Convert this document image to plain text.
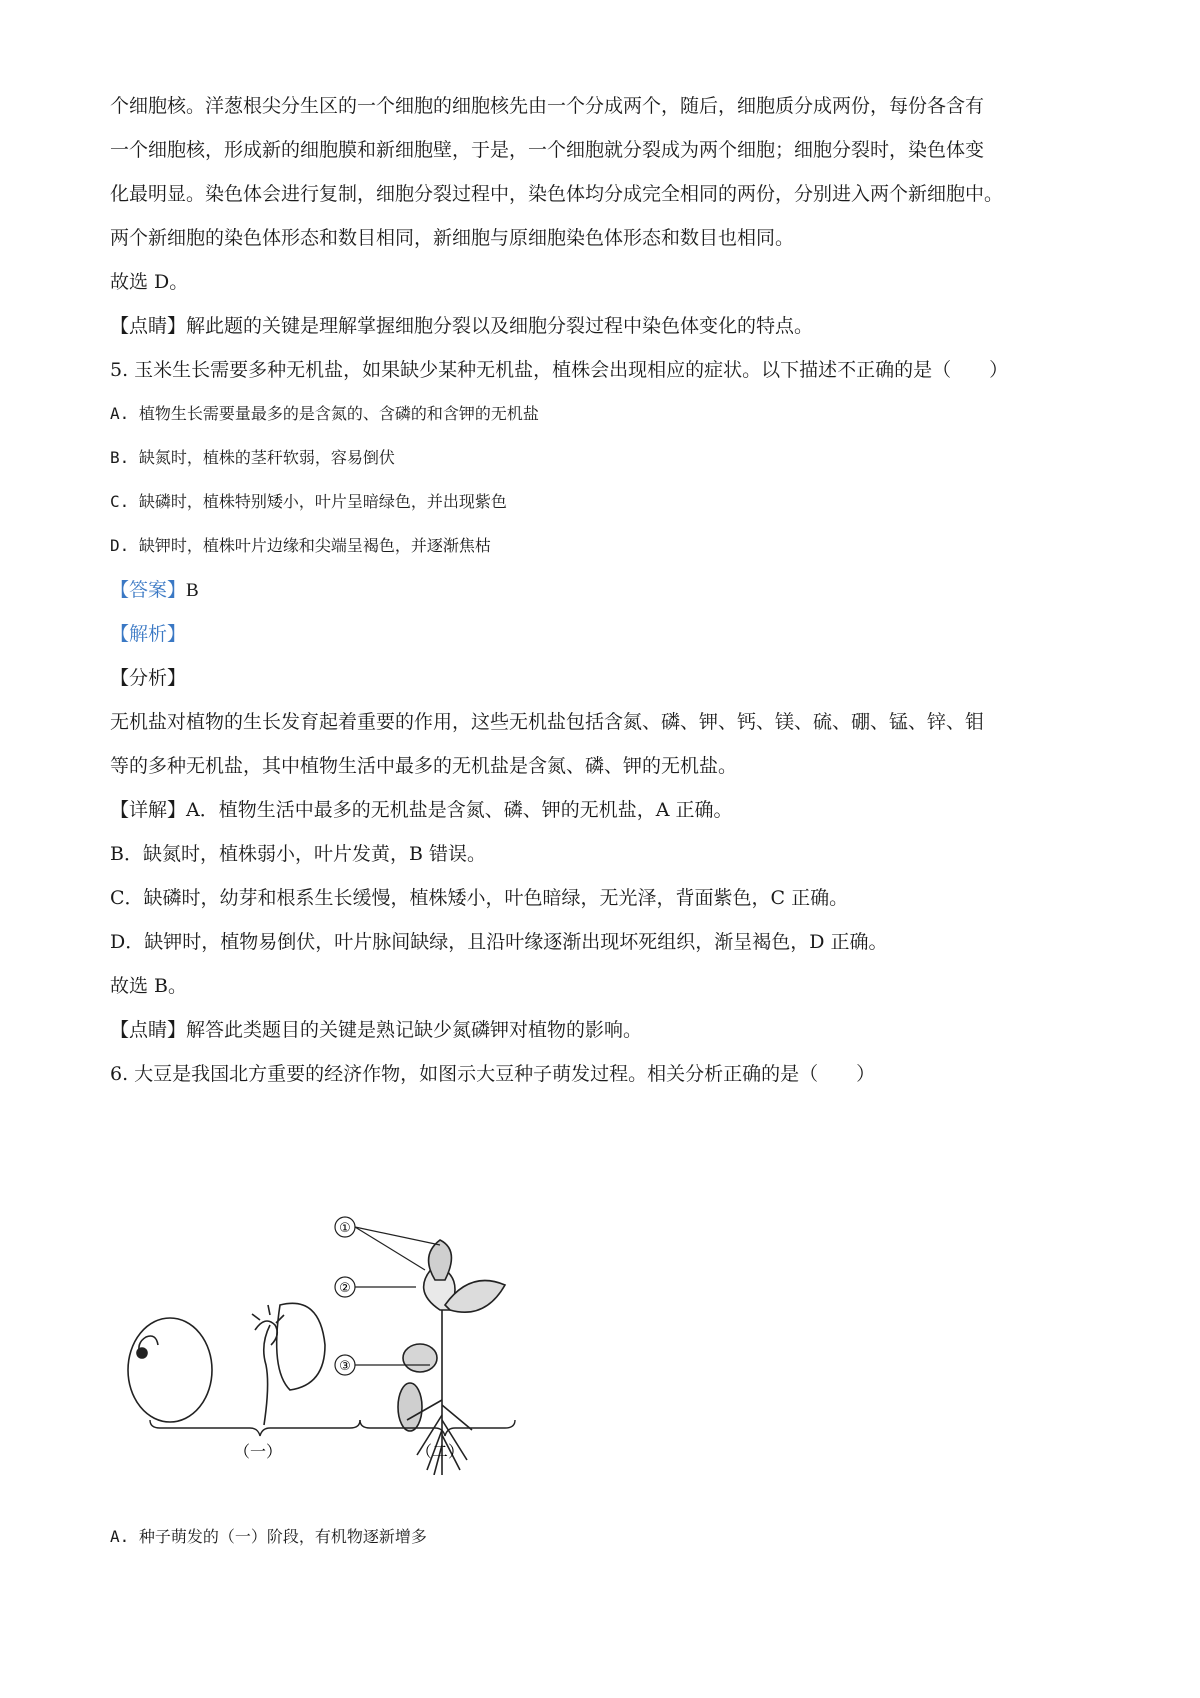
个细胞核。洋葱根尖分生区的一个细胞的细胞核先由一个分成两个，随后，细胞质分成两份，每份各含有
一个细胞核，形成新的细胞膜和新细胞壁，于是，一个细胞就分裂成为两个细胞；细胞分裂时，染色体变
化最明显。染色体会进行复制，细胞分裂过程中，染色体均分成完全相同的两份，分别进入两个新细胞中。
两个新细胞的染色体形态和数目相同，新细胞与原细胞染色体形态和数目也相同。
故选 D。
【点睛】解此题的关键是理解掌握细胞分裂以及细胞分裂过程中染色体变化的特点。
5. 玉米生长需要多种无机盐，如果缺少某种无机盐，植株会出现相应的症状。以下描述不正确的是（　　）
A. 植物生长需要量最多的是含氮的、含磷的和含钾的无机盐
B. 缺氮时，植株的茎秆软弱，容易倒伏
C. 缺磷时，植株特别矮小，叶片呈暗绿色，并出现紫色
D. 缺钾时，植株叶片边缘和尖端呈褐色，并逐渐焦枯
【答案】B
【解析】
【分析】
无机盐对植物的生长发育起着重要的作用，这些无机盐包括含氮、磷、钾、钙、镁、硫、硼、锰、锌、钼
等的多种无机盐，其中植物生活中最多的无机盐是含氮、磷、钾的无机盐。
【详解】A．植物生活中最多的无机盐是含氮、磷、钾的无机盐，A 正确。
B．缺氮时，植株弱小，叶片发黄，B 错误。
C．缺磷时，幼芽和根系生长缓慢，植株矮小，叶色暗绿，无光泽，背面紫色，C 正确。
D．缺钾时，植物易倒伏，叶片脉间缺绿，且沿叶缘逐渐出现坏死组织，渐呈褐色，D 正确。
故选 B。
【点睛】解答此类题目的关键是熟记缺少氮磷钾对植物的影响。
6. 大豆是我国北方重要的经济作物，如图示大豆种子萌发过程。相关分析正确的是（　　）
①
②
③
（一）	（二）
A. 种子萌发的（一）阶段，有机物逐新增多
